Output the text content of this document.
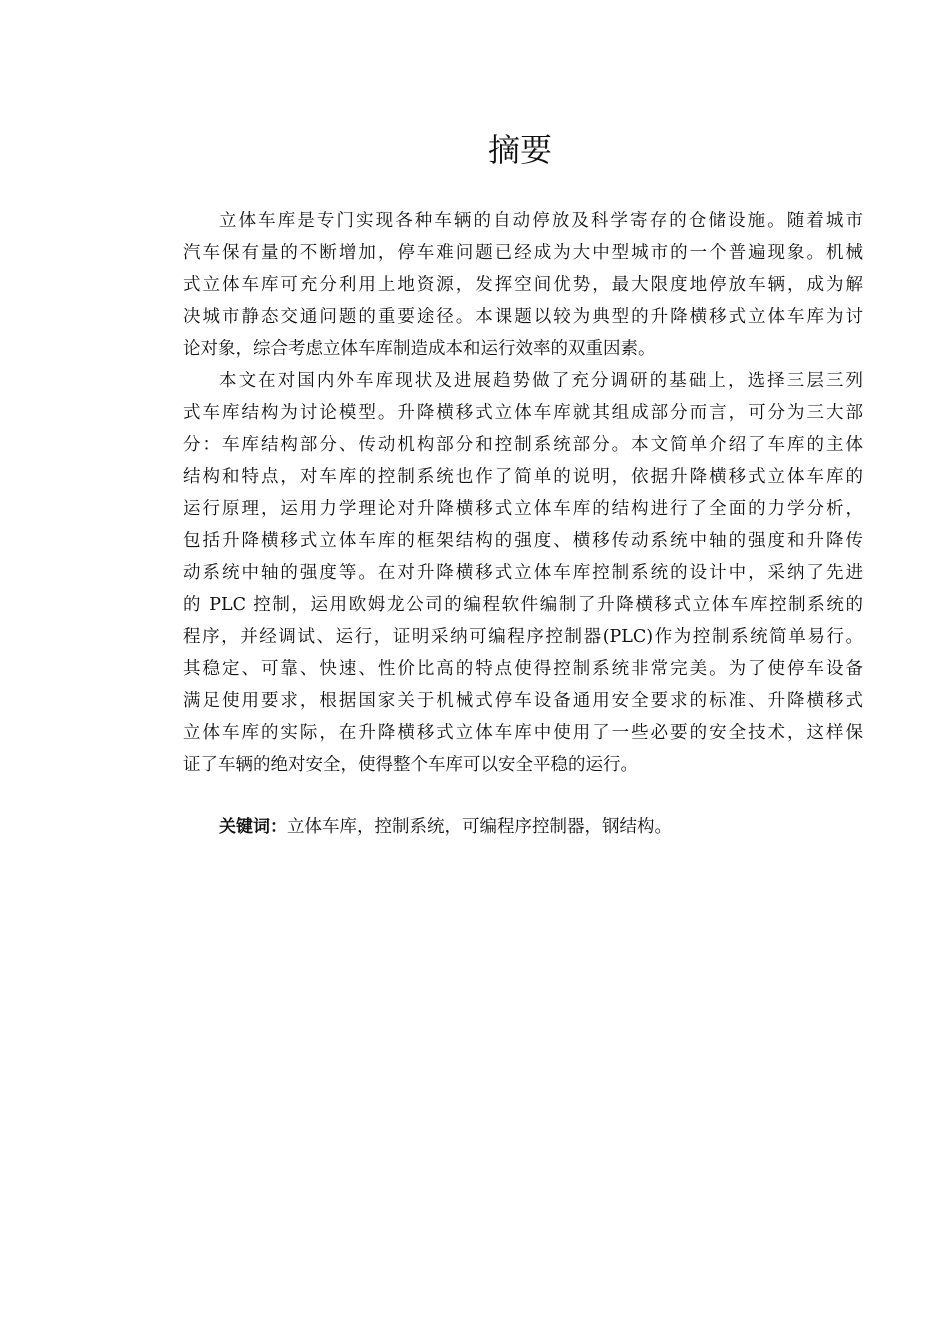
摘要
立体车库是专门实现各种车辆的自动停放及科学寄存的仓储设施。随着城市
汽车保有量的不断增加，停车难问题已经成为大中型城市的一个普遍现象。机械
式立体车库可充分利用上地资源，发挥空间优势，最大限度地停放车辆，成为解
决城市静态交通问题的重要途径。本课题以较为典型的升降横移式立体车库为讨
论对象，综合考虑立体车库制造成本和运行效率的双重因素。
本文在对国内外车库现状及进展趋势做了充分调研的基础上，选择三层三列
式车库结构为讨论模型。升降横移式立体车库就其组成部分而言，可分为三大部
分：车库结构部分、传动机构部分和控制系统部分。本文简单介绍了车库的主体
结构和特点，对车库的控制系统也作了简单的说明，依据升降横移式立体车库的
运行原理，运用力学理论对升降横移式立体车库的结构进行了全面的力学分析，
包括升降横移式立体车库的框架结构的强度、横移传动系统中轴的强度和升降传
动系统中轴的强度等。在对升降横移式立体车库控制系统的设计中，采纳了先进
的 PLC 控制，运用欧姆龙公司的编程软件编制了升降横移式立体车库控制系统的
程序，并经调试、运行，证明采纳可编程序控制器(PLC)作为控制系统简单易行。
其稳定、可靠、快速、性价比高的特点使得控制系统非常完美。为了使停车设备
满足使用要求，根据国家关于机械式停车设备通用安全要求的标准、升降横移式
立体车库的实际，在升降横移式立体车库中使用了一些必要的安全技术，这样保
证了车辆的绝对安全，使得整个车库可以安全平稳的运行。
关键词：立体车库，控制系统，可编程序控制器，钢结构。
